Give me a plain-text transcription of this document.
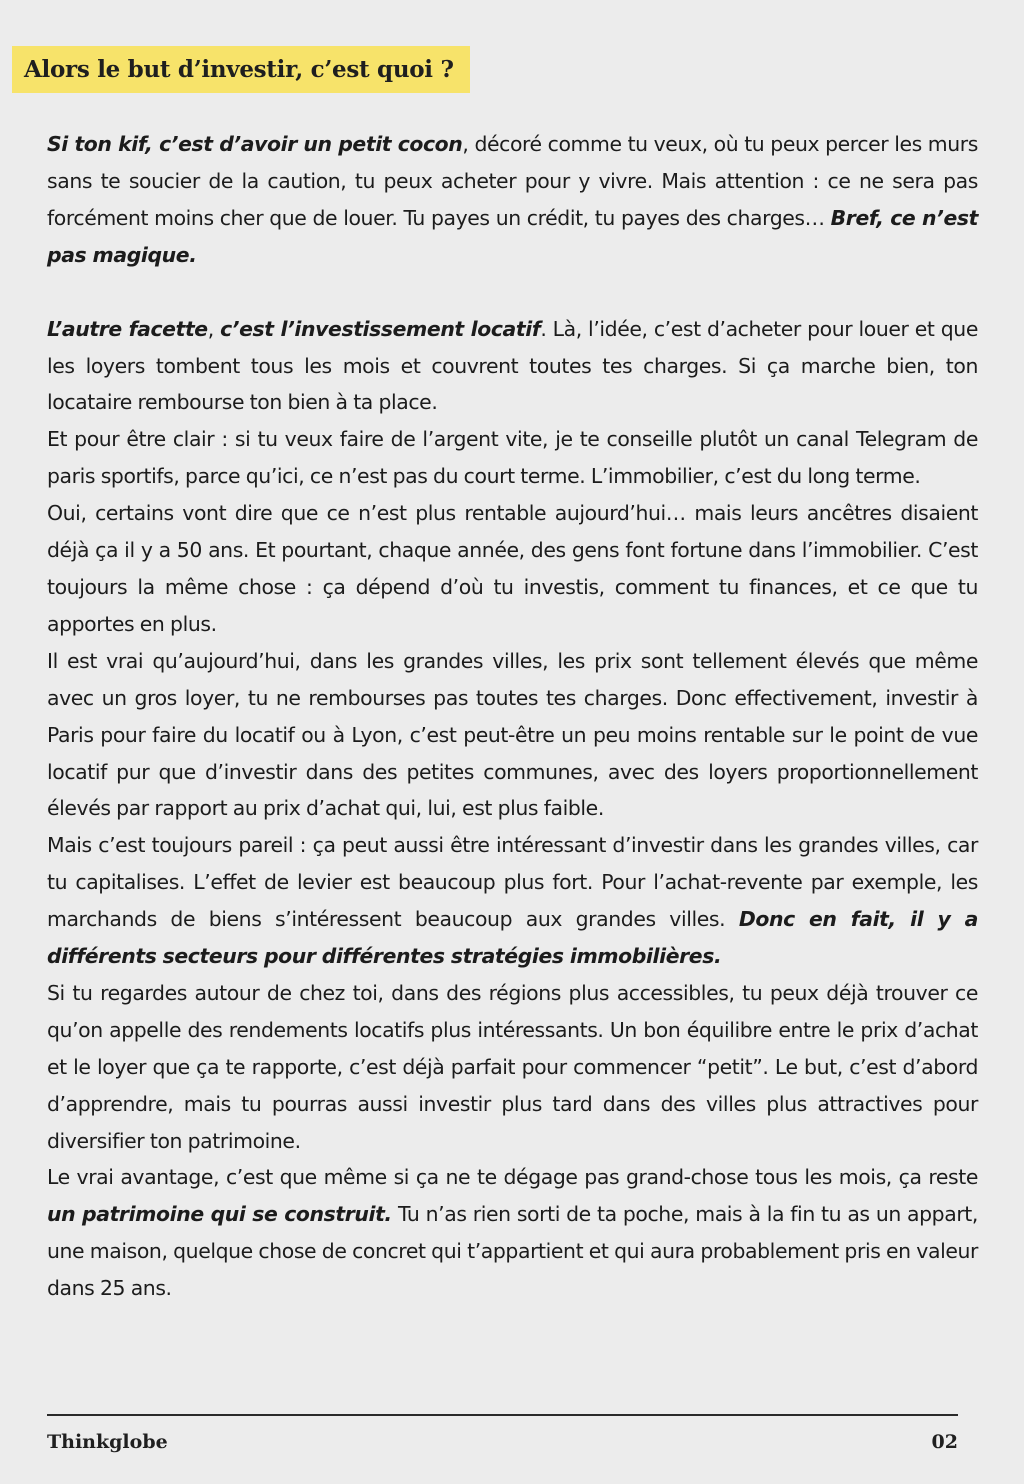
Alors le but d’investir, c’est quoi ?

Si ton kif, c’est d’avoir un petit cocon, décoré comme tu veux, où tu peux percer les murs sans te soucier de la caution, tu peux acheter pour y vivre. Mais attention : ce ne sera pas forcément moins cher que de louer. Tu payes un crédit, tu payes des charges… Bref, ce n’est pas magique.

L’autre facette, c’est l’investissement locatif. Là, l’idée, c’est d’acheter pour louer et que les loyers tombent tous les mois et couvrent toutes tes charges. Si ça marche bien, ton locataire rembourse ton bien à ta place.

Et pour être clair : si tu veux faire de l’argent vite, je te conseille plutôt un canal Telegram de paris sportifs, parce qu’ici, ce n’est pas du court terme. L’immobilier, c’est du long terme.

Oui, certains vont dire que ce n’est plus rentable aujourd’hui… mais leurs ancêtres disaient déjà ça il y a 50 ans. Et pourtant, chaque année, des gens font fortune dans l’immobilier. C’est toujours la même chose : ça dépend d’où tu investis, comment tu finances, et ce que tu apportes en plus.

Il est vrai qu’aujourd’hui, dans les grandes villes, les prix sont tellement élevés que même avec un gros loyer, tu ne rembourses pas toutes tes charges. Donc effectivement, investir à Paris pour faire du locatif ou à Lyon, c’est peut-être un peu moins rentable sur le point de vue locatif pur que d’investir dans des petites communes, avec des loyers proportionnellement élevés par rapport au prix d’achat qui, lui, est plus faible.

Mais c’est toujours pareil : ça peut aussi être intéressant d’investir dans les grandes villes, car tu capitalises. L’effet de levier est beaucoup plus fort. Pour l’achat-revente par exemple, les marchands de biens s’intéressent beaucoup aux grandes villes. Donc en fait, il y a différents secteurs pour différentes stratégies immobilières.

Si tu regardes autour de chez toi, dans des régions plus accessibles, tu peux déjà trouver ce qu’on appelle des rendements locatifs plus intéressants. Un bon équilibre entre le prix d’achat et le loyer que ça te rapporte, c’est déjà parfait pour commencer “petit”. Le but, c’est d’abord d’apprendre, mais tu pourras aussi investir plus tard dans des villes plus attractives pour diversifier ton patrimoine.

Le vrai avantage, c’est que même si ça ne te dégage pas grand-chose tous les mois, ça reste un patrimoine qui se construit. Tu n’as rien sorti de ta poche, mais à la fin tu as un appart, une maison, quelque chose de concret qui t’appartient et qui aura probablement pris en valeur dans 25 ans.

Thinkglobe	02
